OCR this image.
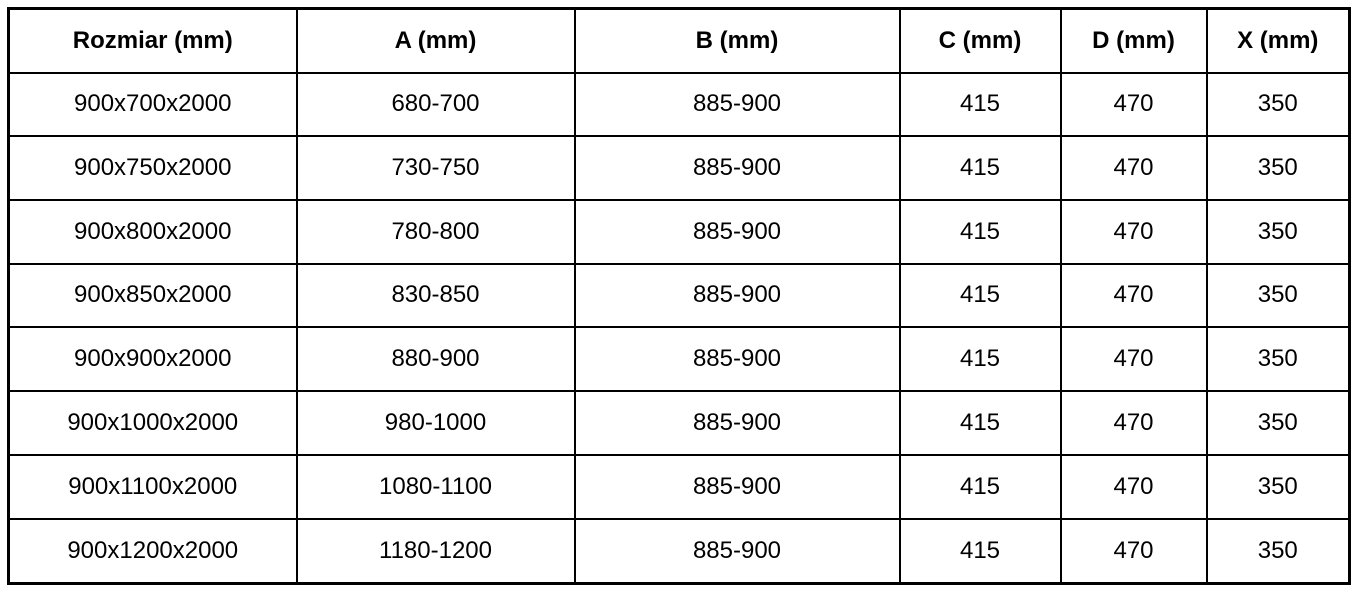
Rozmiar (mm)	A (mm)	B (mm)	C (mm)	D (mm)	X (mm)
900x700x2000	680-700	885-900	415	470	350
900x750x2000	730-750	885-900	415	470	350
900x800x2000	780-800	885-900	415	470	350
900x850x2000	830-850	885-900	415	470	350
900x900x2000	880-900	885-900	415	470	350
900x1000x2000	980-1000	885-900	415	470	350
900x1100x2000	1080-1100	885-900	415	470	350
900x1200x2000	1180-1200	885-900	415	470	350
